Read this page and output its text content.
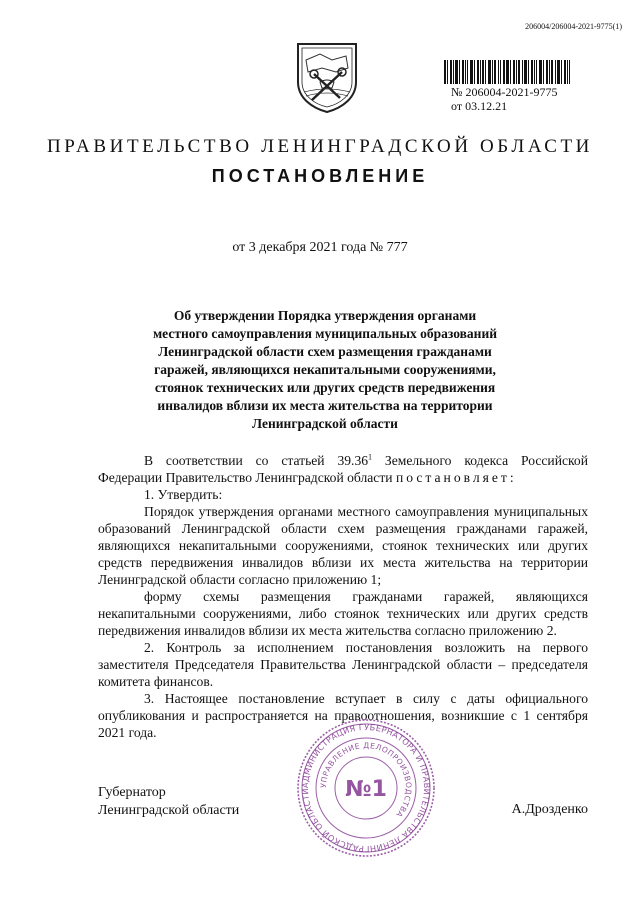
206004/206004-2021-9775(1)
№ 206004-2021-9775
от 03.12.21
ПРАВИТЕЛЬСТВО ЛЕНИНГРАДСКОЙ ОБЛАСТИ
ПОСТАНОВЛЕНИЕ
от 3 декабря 2021 года № 777
Об утверждении Порядка утверждения органами местного самоуправления муниципальных образований Ленинградской области схем размещения гражданами гаражей, являющихся некапитальными сооружениями, стоянок технических или других средств передвижения инвалидов вблизи их места жительства на территории Ленинградской области

В соответствии со статьей 39.36$^1$ Земельного кодекса Российской Федерации Правительство Ленинградской области постановляет:

1. Утвердить:

Порядок утверждения органами местного самоуправления муниципальных образований Ленинградской области схем размещения гражданами гаражей, являющихся некапитальными сооружениями, стоянок технических или других средств передвижения инвалидов вблизи их места жительства на территории Ленинградской области согласно приложению 1;

форму схемы размещения гражданами гаражей, являющихся некапитальными сооружениями, либо стоянок технических или других средств передвижения инвалидов вблизи их места жительства согласно приложению 2.

2. Контроль за исполнением постановления возложить на первого заместителя Председателя Правительства Ленинградской области – председателя комитета финансов.

3. Настоящее постановление вступает в силу с даты официального опубликования и распространяется на правоотношения, возникшие с 1 сентября 2021 года.

Губернатор
Ленинградской области	А.Дрозденко
АДМИНИСТРАЦИЯ ГУБЕРНАТОРА И ПРАВИТЕЛЬСТВА ЛЕНИНГРАДСКОЙ ОБЛАСТИ
УПРАВЛЕНИЕ ДЕЛОПРОИЗВОДСТВА
№1
